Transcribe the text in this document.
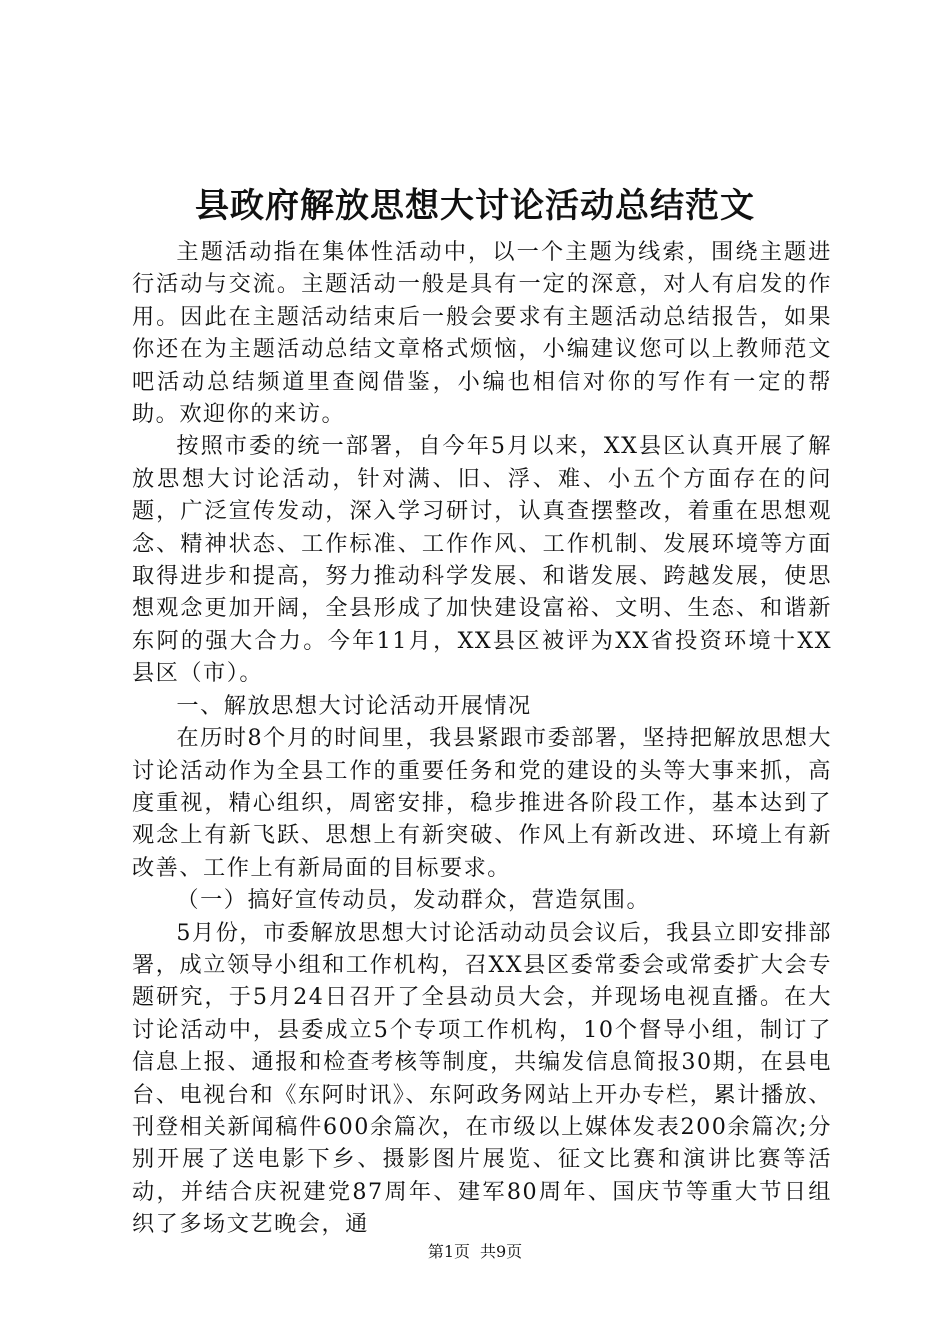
县政府解放思想大讨论活动总结范文

主题活动指在集体性活动中，以一个主题为线索，围绕主题进行活动与交流。主题活动一般是具有一定的深意，对人有启发的作用。因此在主题活动结束后一般会要求有主题活动总结报告，如果你还在为主题活动总结文章格式烦恼，小编建议您可以上教师范文吧活动总结频道里查阅借鉴，小编也相信对你的写作有一定的帮助。欢迎你的来访。

按照市委的统一部署，自今年5月以来，XX县区认真开展了解放思想大讨论活动，针对满、旧、浮、难、小五个方面存在的问题，广泛宣传发动，深入学习研讨，认真查摆整改，着重在思想观念、精神状态、工作标准、工作作风、工作机制、发展环境等方面取得进步和提高，努力推动科学发展、和谐发展、跨越发展，使思想观念更加开阔，全县形成了加快建设富裕、文明、生态、和谐新东阿的强大合力。今年11月，XX县区被评为XX省投资环境十XX县区（市）。

一、解放思想大讨论活动开展情况

在历时8个月的时间里，我县紧跟市委部署，坚持把解放思想大讨论活动作为全县工作的重要任务和党的建设的头等大事来抓，高度重视，精心组织，周密安排，稳步推进各阶段工作，基本达到了观念上有新飞跃、思想上有新突破、作风上有新改进、环境上有新改善、工作上有新局面的目标要求。

（一）搞好宣传动员，发动群众，营造氛围。

5月份，市委解放思想大讨论活动动员会议后，我县立即安排部署，成立领导小组和工作机构，召XX县区委常委会或常委扩大会专题研究，于5月24日召开了全县动员大会，并现场电视直播。在大讨论活动中，县委成立5个专项工作机构，10个督导小组，制订了信息上报、通报和检查考核等制度，共编发信息简报30期，在县电台、电视台和《东阿时讯》、东阿政务网站上开办专栏，累计播放、刊登相关新闻稿件600余篇次，在市级以上媒体发表200余篇次;分别开展了送电影下乡、摄影图片展览、征文比赛和演讲比赛等活动，并结合庆祝建党87周年、建军80周年、国庆节等重大节日组织了多场文艺晚会，通

第1页 共9页
